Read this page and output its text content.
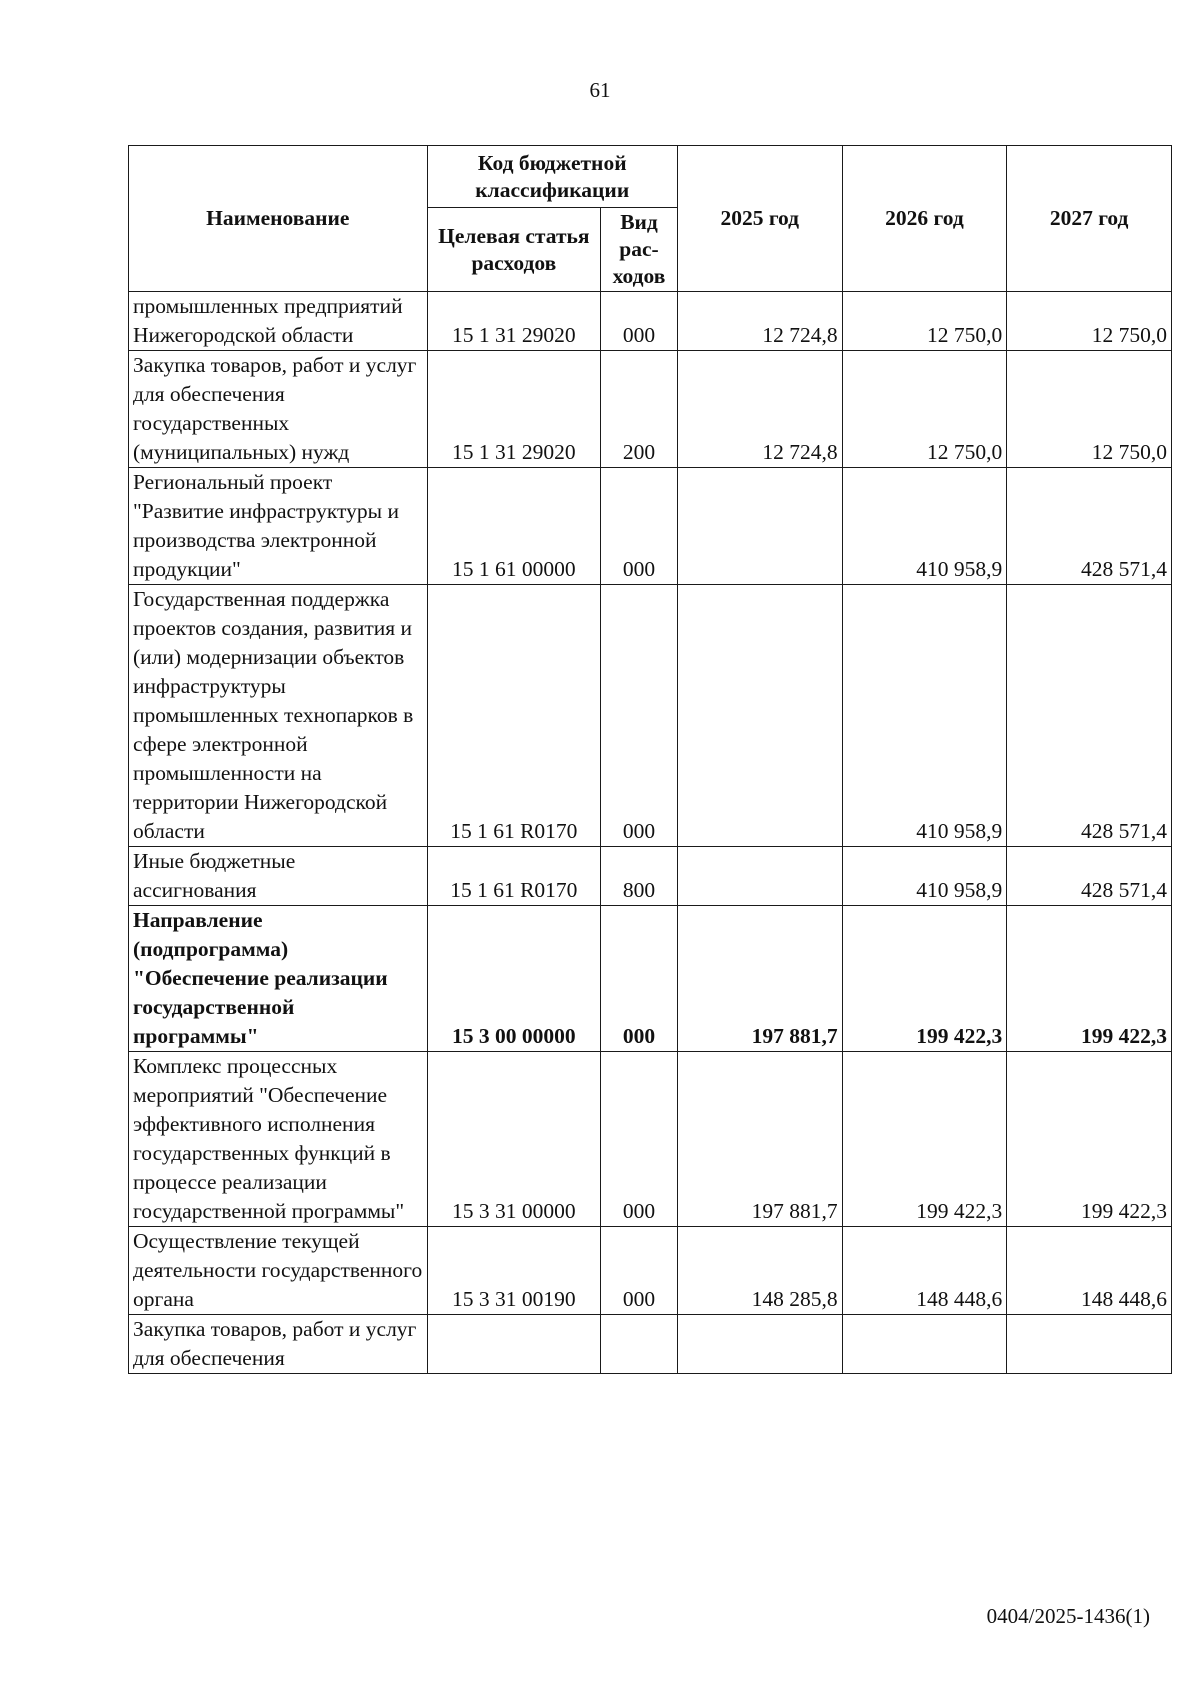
61
Наименование	Код бюджетной классификации		2025 год	2026 год	2027 год
	Целевая статья расходов	Вид рас-ходов			
промышленных предприятий Нижегородской области	15 1 31 29020	000	12 724,8	12 750,0	12 750,0
Закупка товаров, работ и услуг для обеспечения государственных (муниципальных) нужд	15 1 31 29020	200	12 724,8	12 750,0	12 750,0
Региональный проект "Развитие инфраструктуры и производства электронной продукции"	15 1 61 00000	000		410 958,9	428 571,4
Государственная поддержка проектов создания, развития и (или) модернизации объектов инфраструктуры промышленных технопарков в сфере электронной промышленности на территории Нижегородской области	15 1 61 R0170	000		410 958,9	428 571,4
Иные бюджетные ассигнования	15 1 61 R0170	800		410 958,9	428 571,4
Направление (подпрограмма) "Обеспечение реализации государственной программы"	15 3 00 00000	000	197 881,7	199 422,3	199 422,3
Комплекс процессных мероприятий "Обеспечение эффективного исполнения государственных функций в процессе реализации государственной программы"	15 3 31 00000	000	197 881,7	199 422,3	199 422,3
Осуществление текущей деятельности государственного органа	15 3 31 00190	000	148 285,8	148 448,6	148 448,6
Закупка товаров, работ и услуг для обеспечения					
0404/2025-1436(1)
